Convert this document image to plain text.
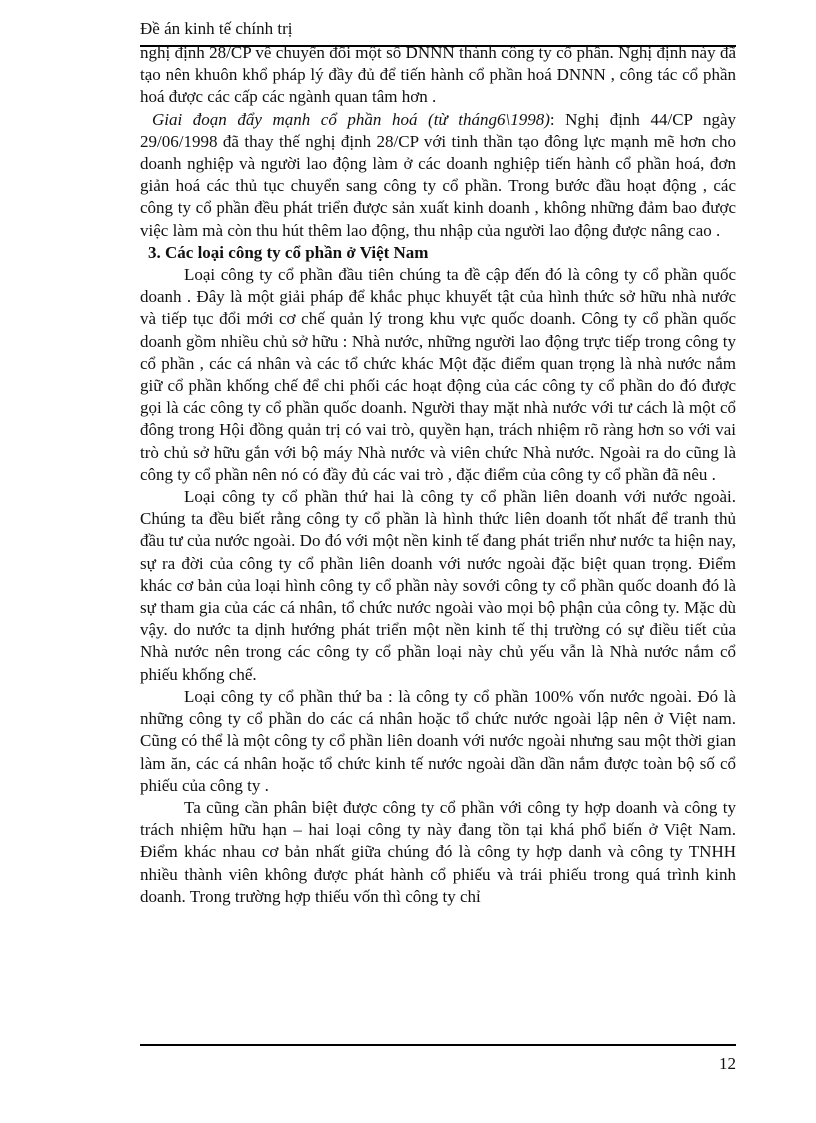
Đề án kinh tế chính trị

nghị định 28/CP về chuyển đổi một số DNNN thành công ty cổ phần. Nghị định này đã tạo nên khuôn khổ pháp lý đầy đủ để tiến hành cổ phần hoá DNNN , công tác cổ phần hoá được các cấp các ngành quan tâm hơn .

Giai đoạn đẩy mạnh cổ phần hoá (từ tháng6\1998): Nghị định 44/CP ngày 29/06/1998 đã thay thế nghị định 28/CP với tinh thần tạo đông lực mạnh mẽ hơn cho doanh nghiệp và người lao động làm ở các doanh nghiệp tiến hành cổ phần hoá, đơn giản hoá các thủ tục chuyển sang công ty cổ phần. Trong bước đầu hoạt động , các công ty cổ phần đều phát triển được sản xuất kinh doanh , không những đảm bao được việc làm mà còn thu hút thêm lao động, thu nhập của người lao động được nâng cao .

3. Các loại công ty cổ phần ở Việt Nam

Loại công ty cổ phần đầu tiên chúng ta đề cập đến đó là công ty cổ phần quốc doanh . Đây là một giải pháp để khắc phục khuyết tật của hình thức sở hữu nhà nước và tiếp tục đổi mới cơ chế quản lý trong khu vực quốc doanh. Công ty cổ phần quốc doanh gồm nhiều chủ sở hữu : Nhà nước, những người lao động trực tiếp trong công ty cổ phần , các cá nhân và các tổ chức khác Một đặc điểm quan trọng là nhà nước nắm giữ cổ phần khống chế để chi phối các hoạt động của các công ty cổ phần do đó được gọi là các công ty cổ phần quốc doanh. Người thay mặt nhà nước với tư cách là một cổ đông trong Hội đồng quản trị có vai trò, quyền hạn, trách nhiệm rõ ràng hơn so với vai trò chủ sở hữu gắn với bộ máy Nhà nước và viên chức Nhà nước. Ngoài ra do cũng là công ty cổ phần nên nó có đầy đủ các vai trò , đặc điểm của công ty cổ phần đã nêu .

Loại công ty cổ phần thứ hai là công ty cổ phần liên doanh với nước ngoài. Chúng ta đều biết rằng công ty cổ phần là hình thức liên doanh tốt nhất để tranh thủ đầu tư của nước ngoài. Do đó với một nền kinh tế đang phát triển như nước ta hiện nay, sự ra đời của công ty cổ phần liên doanh với nước ngoài đặc biệt quan trọng. Điểm khác cơ bản của loại hình công ty cổ phần này sovới công ty cổ phần quốc doanh đó là sự tham gia của các cá nhân, tổ chức nước ngoài vào mọi bộ phận của công ty. Mặc dù vậy. do nước ta dịnh hướng phát triển một nền kinh tế thị trường có sự điều tiết của Nhà nước nên trong các công ty cổ phần loại này chủ yếu vẫn là Nhà nước nắm cổ phiếu khống chế.

Loại công ty cổ phần thứ ba : là công ty cổ phần 100% vốn nước ngoài. Đó là những công ty cổ phần do các cá nhân hoặc tổ chức nước ngoài lập nên ở Việt nam. Cũng có thể là một công ty cổ phần liên doanh với nước ngoài nhưng sau một thời gian làm ăn, các cá nhân hoặc tổ chức kinh tế nước ngoài dần dần nắm được toàn bộ số cổ phiếu của công ty .

Ta cũng cần phân biệt được công ty cổ phần với công ty hợp doanh và công ty trách nhiệm hữu hạn – hai loại công ty này đang tồn tại khá phổ biến ở Việt Nam. Điểm khác nhau cơ bản nhất giữa chúng đó là công ty hợp danh và công ty TNHH nhiều thành viên không được phát hành cổ phiếu và trái phiếu trong quá trình kinh doanh. Trong trường hợp thiếu vốn thì công ty chỉ

12
